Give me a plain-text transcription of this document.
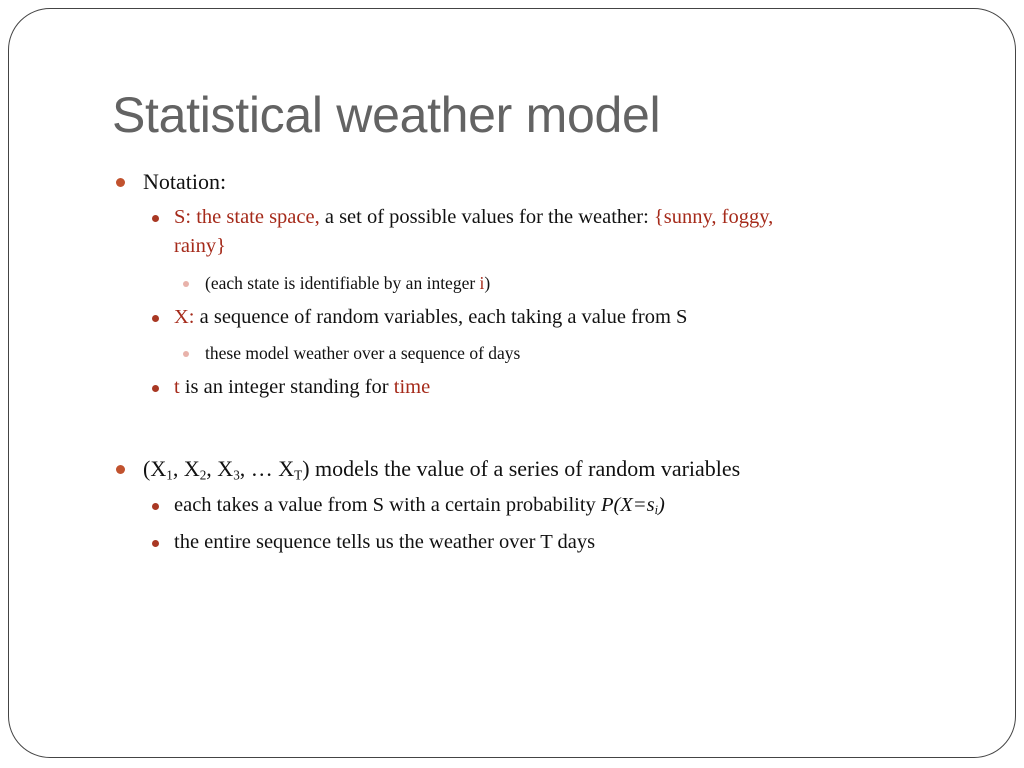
Statistical weather model
Notation:
S: the state space, a set of possible values for the weather: {sunny, foggy,
rainy}
(each state is identifiable by an integer i)
X: a sequence of random variables, each taking a value from S
these model weather over a sequence of days
t is an integer standing for time
($X_1$, $X_2$, $X_3$, … $X_T$) models the value of a series of random variables
each takes a value from S with a certain probability $P(X=s_i)$
the entire sequence tells us the weather over T days
